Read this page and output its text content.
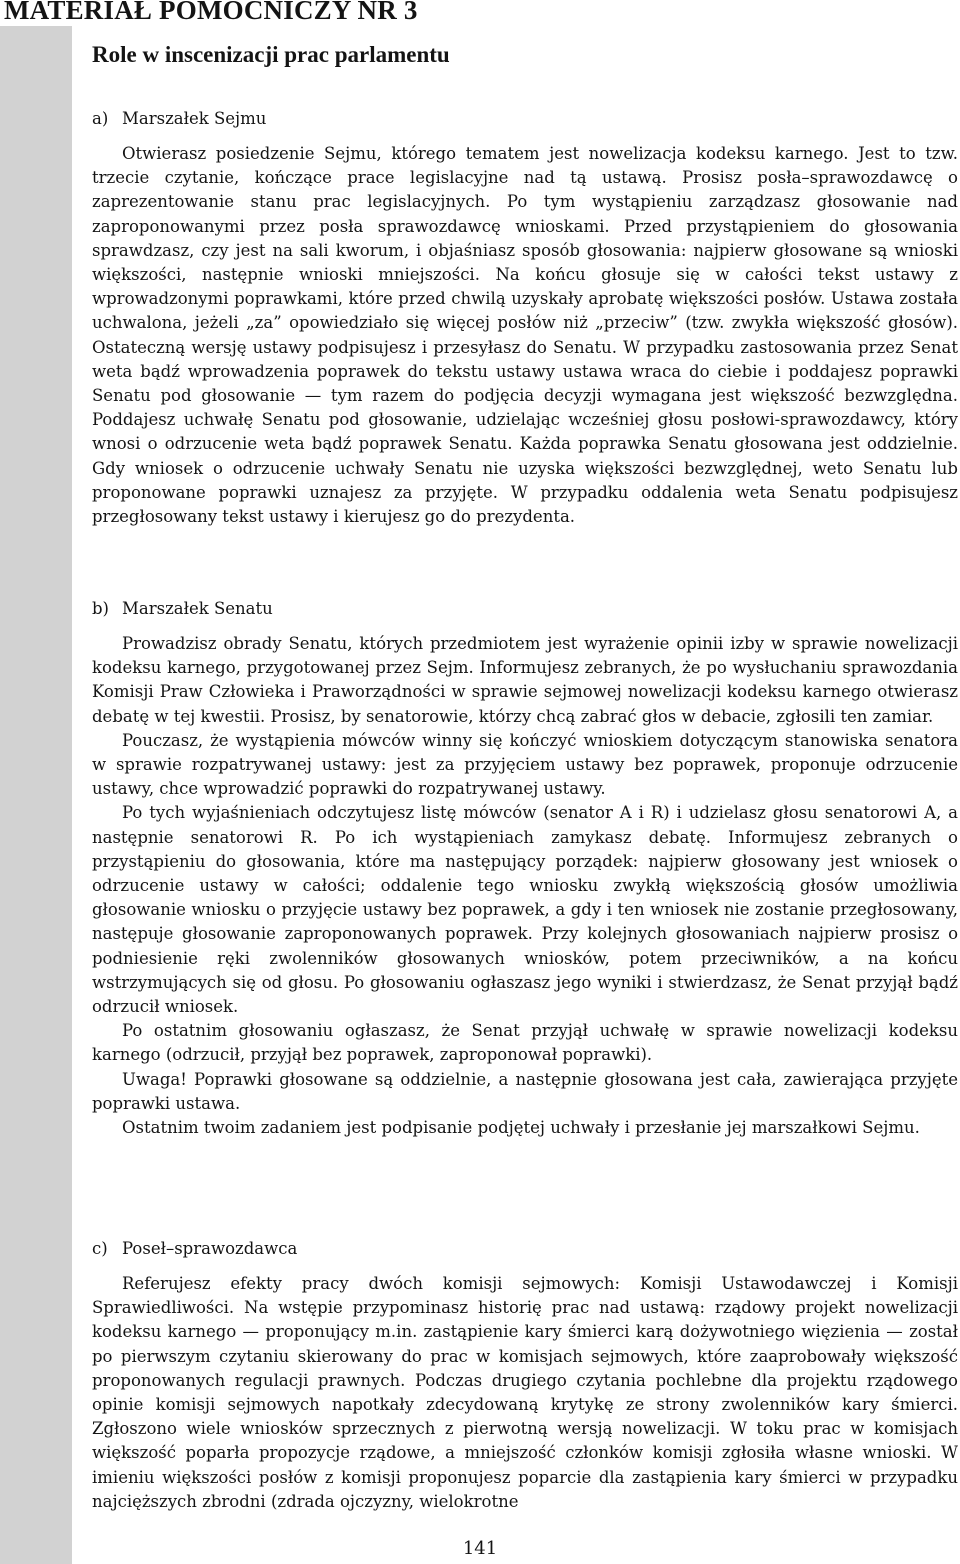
MATERIAŁ POMOCNICZY NR 3
Role w inscenizacji prac parlamentu
a) Marszałek Sejmu

Otwierasz posiedzenie Sejmu, którego tematem jest nowelizacja kodeksu karnego. Jest to tzw. trzecie czytanie, kończące prace legislacyjne nad tą ustawą. Prosisz posła–sprawozdawcę o zaprezentowanie stanu prac legislacyjnych. Po tym wystąpieniu zarządzasz głosowanie nad zaproponowanymi przez posła sprawozdawcę wnioskami. Przed przystąpieniem do głosowania sprawdzasz, czy jest na sali kworum, i objaśniasz sposób głosowania: najpierw głosowane są wnioski większości, następnie wnioski mniejszości. Na końcu głosuje się w całości tekst ustawy z wprowadzonymi poprawkami, które przed chwilą uzyskały aprobatę większości posłów. Ustawa została uchwalona, jeżeli „za” opowiedziało się więcej posłów niż „przeciw” (tzw. zwykła większość głosów). Ostateczną wersję ustawy podpisujesz i przesyłasz do Senatu. W przypadku zastosowania przez Senat weta bądź wprowadzenia poprawek do tekstu ustawy ustawa wraca do ciebie i poddajesz poprawki Senatu pod głosowanie — tym razem do podjęcia decyzji wymagana jest większość bezwzględna. Poddajesz uchwałę Senatu pod głosowanie, udzielając wcześniej głosu posłowi-sprawozdawcy, który wnosi o odrzucenie weta bądź poprawek Senatu. Każda poprawka Senatu głosowana jest oddzielnie. Gdy wniosek o odrzucenie uchwały Senatu nie uzyska większości bezwzględnej, weto Senatu lub proponowane poprawki uznajesz za przyjęte. W przypadku oddalenia weta Senatu podpisujesz przegłosowany tekst ustawy i kierujesz go do prezydenta.

b) Marszałek Senatu

Prowadzisz obrady Senatu, których przedmiotem jest wyrażenie opinii izby w sprawie nowelizacji kodeksu karnego, przygotowanej przez Sejm. Informujesz zebranych, że po wysłuchaniu sprawozdania Komisji Praw Człowieka i Praworządności w sprawie sejmowej nowelizacji kodeksu karnego otwierasz debatę w tej kwestii. Prosisz, by senatorowie, którzy chcą zabrać głos w debacie, zgłosili ten zamiar.

Pouczasz, że wystąpienia mówców winny się kończyć wnioskiem dotyczącym stanowiska senatora w sprawie rozpatrywanej ustawy: jest za przyjęciem ustawy bez poprawek, proponuje odrzucenie ustawy, chce wprowadzić poprawki do rozpatrywanej ustawy.

Po tych wyjaśnieniach odczytujesz listę mówców (senator A i R) i udzielasz głosu senatorowi A, a następnie senatorowi R. Po ich wystąpieniach zamykasz debatę. Informujesz zebranych o przystąpieniu do głosowania, które ma następujący porządek: najpierw głosowany jest wniosek o odrzucenie ustawy w całości; oddalenie tego wniosku zwykłą większością głosów umożliwia głosowanie wniosku o przyjęcie ustawy bez poprawek, a gdy i ten wniosek nie zostanie przegłosowany, następuje głosowanie zaproponowanych poprawek. Przy kolejnych głosowaniach najpierw prosisz o podniesienie ręki zwolenników głosowanych wniosków, potem przeciwników, a na końcu wstrzymujących się od głosu. Po głosowaniu ogłaszasz jego wyniki i stwierdzasz, że Senat przyjął bądź odrzucił wniosek.

Po ostatnim głosowaniu ogłaszasz, że Senat przyjął uchwałę w sprawie nowelizacji kodeksu karnego (odrzucił, przyjął bez poprawek, zaproponował poprawki).

Uwaga! Poprawki głosowane są oddzielnie, a następnie głosowana jest cała, zawierająca przyjęte poprawki ustawa.

Ostatnim twoim zadaniem jest podpisanie podjętej uchwały i przesłanie jej marszałkowi Sejmu.

c) Poseł–sprawozdawca

Referujesz efekty pracy dwóch komisji sejmowych: Komisji Ustawodawczej i Komisji Sprawiedliwości. Na wstępie przypominasz historię prac nad ustawą: rządowy projekt nowelizacji kodeksu karnego — proponujący m.in. zastąpienie kary śmierci karą dożywotniego więzienia — został po pierwszym czytaniu skierowany do prac w komisjach sejmowych, które zaaprobowały większość proponowanych regulacji prawnych. Podczas drugiego czytania pochlebne dla projektu rządowego opinie komisji sejmowych napotkały zdecydowaną krytykę ze strony zwolenników kary śmierci. Zgłoszono wiele wniosków sprzecznych z pierwotną wersją nowelizacji. W toku prac w komisjach większość poparła propozycje rządowe, a mniejszość członków komisji zgłosiła własne wnioski. W imieniu większości posłów z komisji proponujesz poparcie dla zastąpienia kary śmierci w przypadku najcięższych zbrodni (zdrada ojczyzny, wielokrotne

141
